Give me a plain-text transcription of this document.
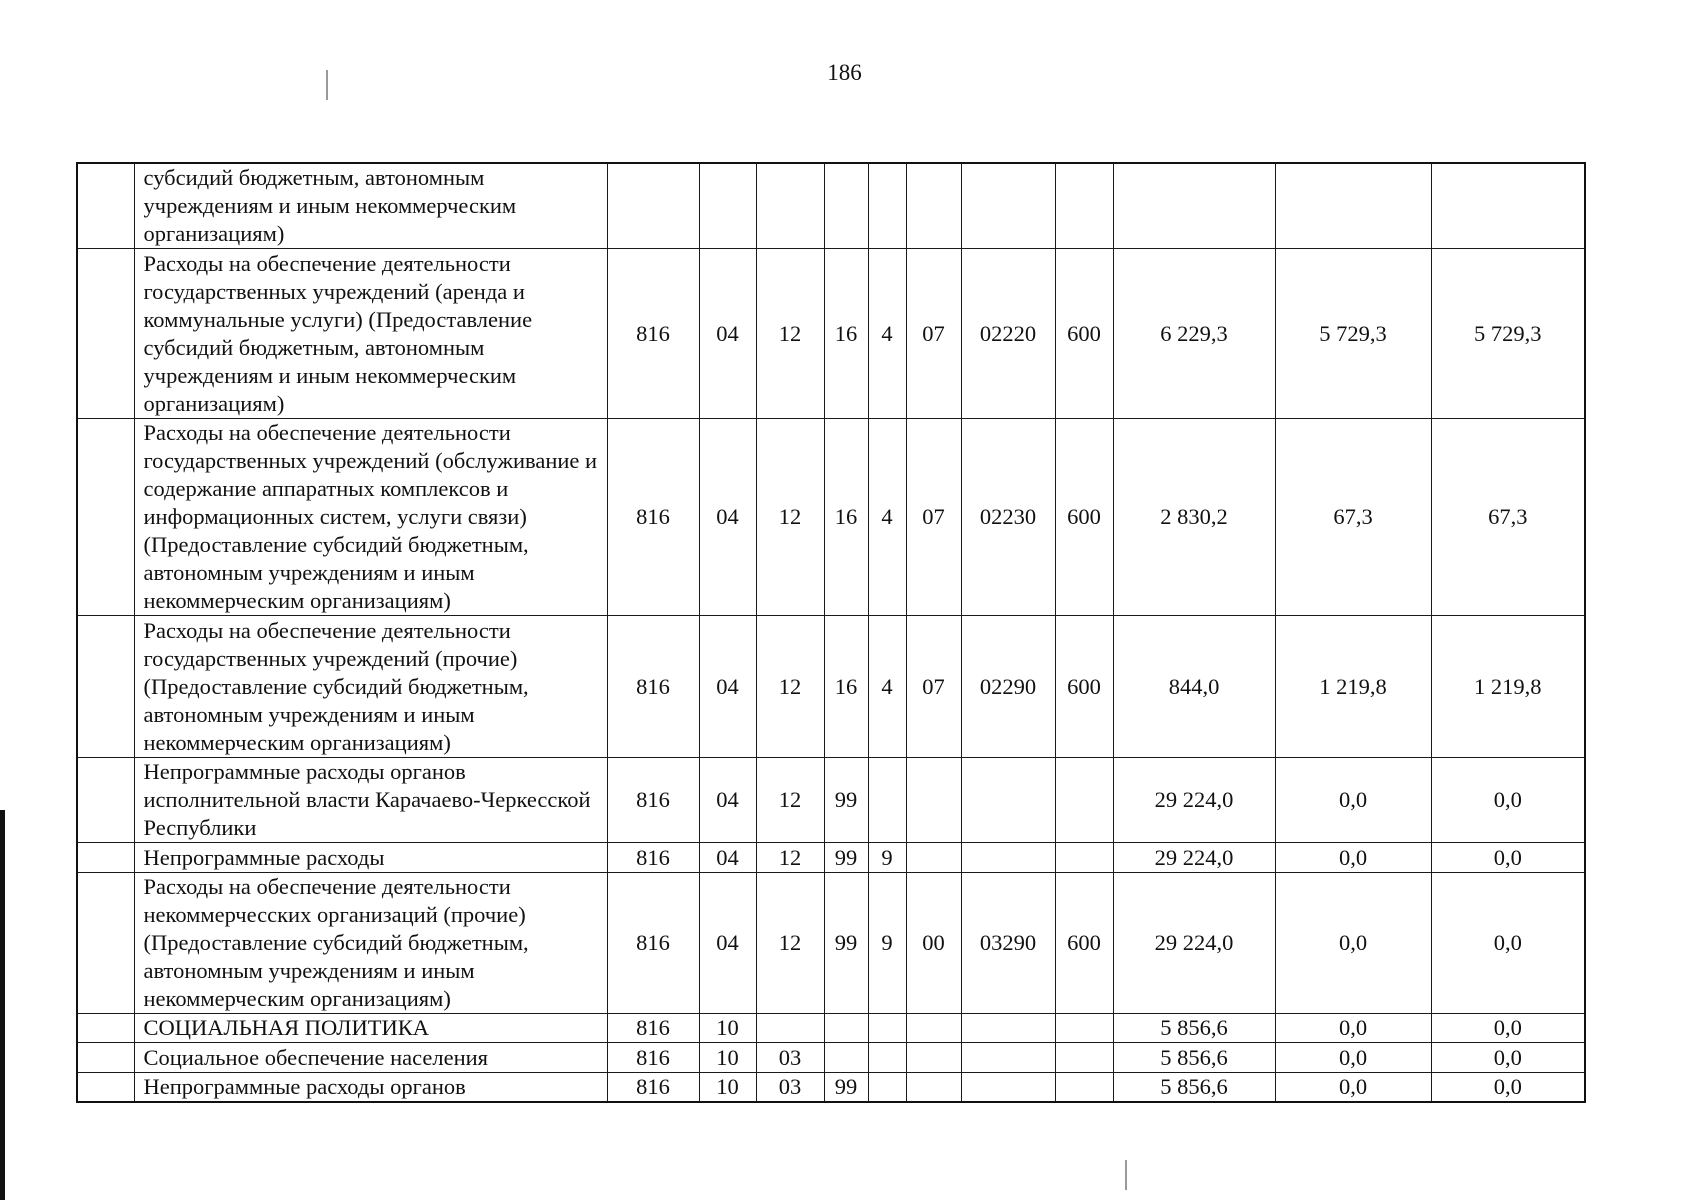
186
	субсидий бюджетным, автономным учреждениям и иным некоммерческим организациям)											
	Расходы на обеспечение деятельности государственных учреждений (аренда и коммунальные услуги) (Предоставление субсидий бюджетным, автономным учреждениям и иным некоммерческим организациям)	816	04	12	16	4	07	02220	600	6 229,3	5 729,3	5 729,3
	Расходы на обеспечение деятельности государственных учреждений (обслуживание и содержание аппаратных комплексов и информационных систем, услуги связи) (Предоставление субсидий бюджетным, автономным учреждениям и иным некоммерческим организациям)	816	04	12	16	4	07	02230	600	2 830,2	67,3	67,3
	Расходы на обеспечение деятельности государственных учреждений (прочие) (Предоставление субсидий бюджетным, автономным учреждениям и иным некоммерческим организациям)	816	04	12	16	4	07	02290	600	844,0	1 219,8	1 219,8
	Непрограммные расходы органов исполнительной власти Карачаево-Черкесской Республики	816	04	12	99					29 224,0	0,0	0,0
	Непрограммные расходы	816	04	12	99	9				29 224,0	0,0	0,0
	Расходы на обеспечение деятельности некоммерчесских организаций (прочие) (Предоставление субсидий бюджетным, автономным учреждениям и иным некоммерческим организациям)	816	04	12	99	9	00	03290	600	29 224,0	0,0	0,0
	СОЦИАЛЬНАЯ ПОЛИТИКА	816	10							5 856,6	0,0	0,0
	Социальное обеспечение населения	816	10	03						5 856,6	0,0	0,0
	Непрограммные расходы органов	816	10	03	99					5 856,6	0,0	0,0
